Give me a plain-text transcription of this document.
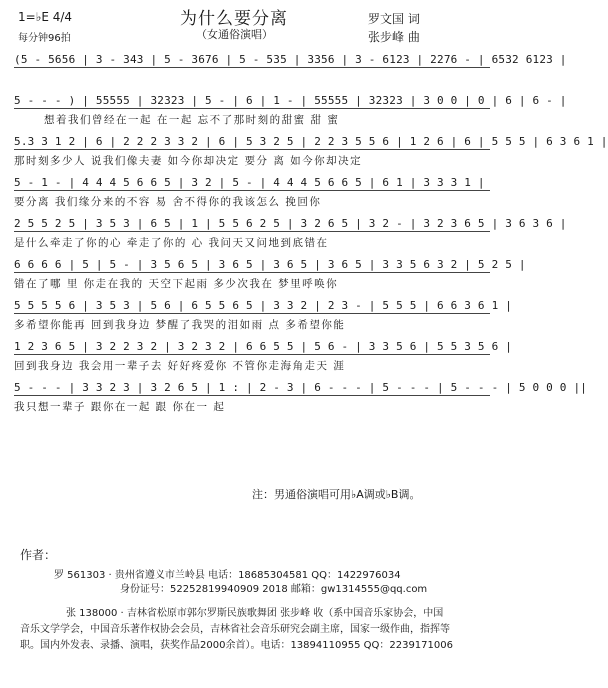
为什么要分离
（女通俗演唱）
1=♭E 4/4
每分钟96拍
罗文国 词
张步峰 曲
(5 - 5656 | 3 - 343 | 5 - 3676 | 5 - 535 | 3356 | 3 - 6123 | 2276 - | 6532 6123 |
5 - - - ) | 55555 | 32323 | 5 - | 6 | 1 - | 55555 | 32323 | 3 0 0 | 0 | 6 | 6 - |
想着我们曾经在一起 在一起 忘不了那时刻的甜蜜 甜 蜜
5.3 3 1 2 | 6 | 2 2 2 3 3 2 | 6 | 5 3 2 5 | 2 2 3 5 5 6 | 1 2 6 | 6 | 5 5 5 | 6 3 6 1 |
那时刻多少人 说我们像夫妻 如今你却决定 要分 离 如今你却决定
5 - 1 - | 4 4 4 5 6 6 5 | 3 2 | 5 - | 4 4 4 5 6 6 5 | 6 1 | 3 3 3 1 |
要分离 我们缘分来的不容 易 舍不得你的我该怎么 挽回你
2 5 5 2 5 | 3 5 3 | 6 5 | 1 | 5 5 6 2 5 | 3 2 6 5 | 3 2 - | 3 2 3 6 5 | 3 6 3 6 |
是什么牵走了你的心 牵走了你的 心 我问天又问地到底错在
6 6 6 6 | 5 | 5 - | 3 5 6 5 | 3 6 5 | 3 6 5 | 3 6 5 | 3 3 5 6 3 2 | 5 2 5 |
错在了哪 里 你走在我的 天空下起雨 多少次我在 梦里呼唤你
5 5 5 5 6 | 3 5 3 | 5 6 | 6 5 5 6 5 | 3 3 2 | 2 3 - | 5 5 5 | 6 6 3 6 1 |
多希望你能再 回到我身边 梦醒了我哭的泪如雨 点 多希望你能
1 2 3 6 5 | 3 2 2 3 2 | 3 2 3 2 | 6 6 5 5 | 5 6 - | 3 3 5 6 | 5 5 3 5 6 |
回到我身边 我会用一辈子去 好好疼爱你 不管你走海角走天 涯
5 - - - | 3 3 2 3 | 3 2 6 5 | 1 : | 2 - 3 | 6 - - - | 5 - - - | 5 - - - | 5 0 0 0 ||
我只想一辈子 跟你在一起 跟 你在一 起
注：男通俗演唱可用♭A调或♭B调。
作者：
罗 561303 · 贵州省遵义市兰岭县 电话：18685304581 QQ：1422976034
身份证号：52252819940909 2018 邮箱：gw1314555@qq.com
张 138000 · 吉林省松原市郭尔罗斯民族歌舞团 张步峰 收（系中国音乐家协会，中国
音乐文学学会，中国音乐著作权协会会员，吉林省社会音乐研究会副主席，国家一级作曲，指挥等
职。国内外发表、录播、演唱，获奖作品2000余首）。电话：13894110955 QQ：2239171006
